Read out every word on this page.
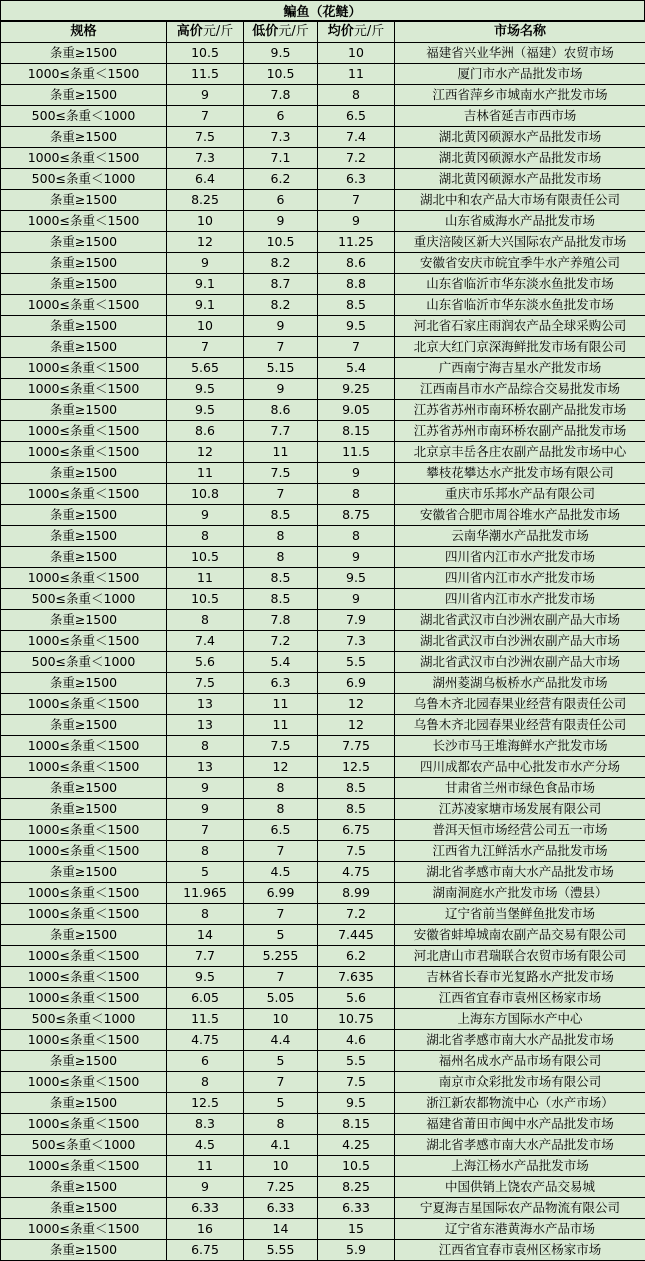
鳊鱼（花鲢）
规格	高价元/斤	低价元/斤	均价元/斤	市场名称
条重≥1500	10.5	9.5	10	福建省兴业华洲（福建）农贸市场
1000≤条重＜1500	11.5	10.5	11	厦门市水产品批发市场
条重≥1500	9	7.8	8	江西省萍乡市城南水产批发市场
500≤条重＜1000	7	6	6.5	吉林省延吉市西市场
条重≥1500	7.5	7.3	7.4	湖北黄冈硕源水产品批发市场
1000≤条重＜1500	7.3	7.1	7.2	湖北黄冈硕源水产品批发市场
500≤条重＜1000	6.4	6.2	6.3	湖北黄冈硕源水产品批发市场
条重≥1500	8.25	6	7	湖北中和农产品大市场有限责任公司
1000≤条重＜1500	10	9	9	山东省威海水产品批发市场
条重≥1500	12	10.5	11.25	重庆涪陵区新大兴国际农产品批发市场
条重≥1500	9	8.2	8.6	安徽省安庆市皖宜季牛水产养殖公司
条重≥1500	9.1	8.7	8.8	山东省临沂市华东淡水鱼批发市场
1000≤条重＜1500	9.1	8.2	8.5	山东省临沂市华东淡水鱼批发市场
条重≥1500	10	9	9.5	河北省石家庄雨润农产品全球采购公司
条重≥1500	7	7	7	北京大红门京深海鲜批发市场有限公司
1000≤条重＜1500	5.65	5.15	5.4	广西南宁海吉星水产批发市场
1000≤条重＜1500	9.5	9	9.25	江西南昌市水产品综合交易批发市场
条重≥1500	9.5	8.6	9.05	江苏省苏州市南环桥农副产品批发市场
1000≤条重＜1500	8.6	7.7	8.15	江苏省苏州市南环桥农副产品批发市场
1000≤条重＜1500	12	11	11.5	北京京丰岳各庄农副产品批发市场中心
条重≥1500	11	7.5	9	攀枝花攀达水产批发市场有限公司
1000≤条重＜1500	10.8	7	8	重庆市乐邦水产品有限公司
条重≥1500	9	8.5	8.75	安徽省合肥市周谷堆水产品批发市场
条重≥1500	8	8	8	云南华潮水产品批发市场
条重≥1500	10.5	8	9	四川省内江市水产批发市场
1000≤条重＜1500	11	8.5	9.5	四川省内江市水产批发市场
500≤条重＜1000	10.5	8.5	9	四川省内江市水产批发市场
条重≥1500	8	7.8	7.9	湖北省武汉市白沙洲农副产品大市场
1000≤条重＜1500	7.4	7.2	7.3	湖北省武汉市白沙洲农副产品大市场
500≤条重＜1000	5.6	5.4	5.5	湖北省武汉市白沙洲农副产品大市场
条重≥1500	7.5	6.3	6.9	湖州菱湖乌板桥水产品批发市场
1000≤条重＜1500	13	11	12	乌鲁木齐北园春果业经营有限责任公司
条重≥1500	13	11	12	乌鲁木齐北园春果业经营有限责任公司
1000≤条重＜1500	8	7.5	7.75	长沙市马王堆海鲜水产批发市场
1000≤条重＜1500	13	12	12.5	四川成都农产品中心批发市水产分场
条重≥1500	9	8	8.5	甘肃省兰州市绿色食品市场
条重≥1500	9	8	8.5	江苏凌家塘市场发展有限公司
1000≤条重＜1500	7	6.5	6.75	普洱天恒市场经营公司五一市场
1000≤条重＜1500	8	7	7.5	江西省九江鲜活水产品批发市场
条重≥1500	5	4.5	4.75	湖北省孝感市南大水产品批发市场
1000≤条重＜1500	11.965	6.99	8.99	湖南洞庭水产批发市场（澧县）
1000≤条重＜1500	8	7	7.2	辽宁省前当堡鲜鱼批发市场
条重≥1500	14	5	7.445	安徽省蚌埠城南农副产品交易有限公司
1000≤条重＜1500	7.7	5.255	6.2	河北唐山市君瑞联合农贸市场有限公司
1000≤条重＜1500	9.5	7	7.635	吉林省长春市光复路水产批发市场
1000≤条重＜1500	6.05	5.05	5.6	江西省宜春市袁州区杨家市场
500≤条重＜1000	11.5	10	10.75	上海东方国际水产中心
1000≤条重＜1500	4.75	4.4	4.6	湖北省孝感市南大水产品批发市场
条重≥1500	6	5	5.5	福州名成水产品市场有限公司
1000≤条重＜1500	8	7	7.5	南京市众彩批发市场有限公司
条重≥1500	12.5	5	9.5	浙江新农都物流中心（水产市场）
1000≤条重＜1500	8.3	8	8.15	福建省莆田市闽中水产品批发市场
500≤条重＜1000	4.5	4.1	4.25	湖北省孝感市南大水产品批发市场
1000≤条重＜1500	11	10	10.5	上海江杨水产品批发市场
条重≥1500	9	7.25	8.25	中国供销上饶农产品交易城
条重≥1500	6.33	6.33	6.33	宁夏海吉星国际农产品物流有限公司
1000≤条重＜1500	16	14	15	辽宁省东港黄海水产品市场
条重≥1500	6.75	5.55	5.9	江西省宜春市袁州区杨家市场
